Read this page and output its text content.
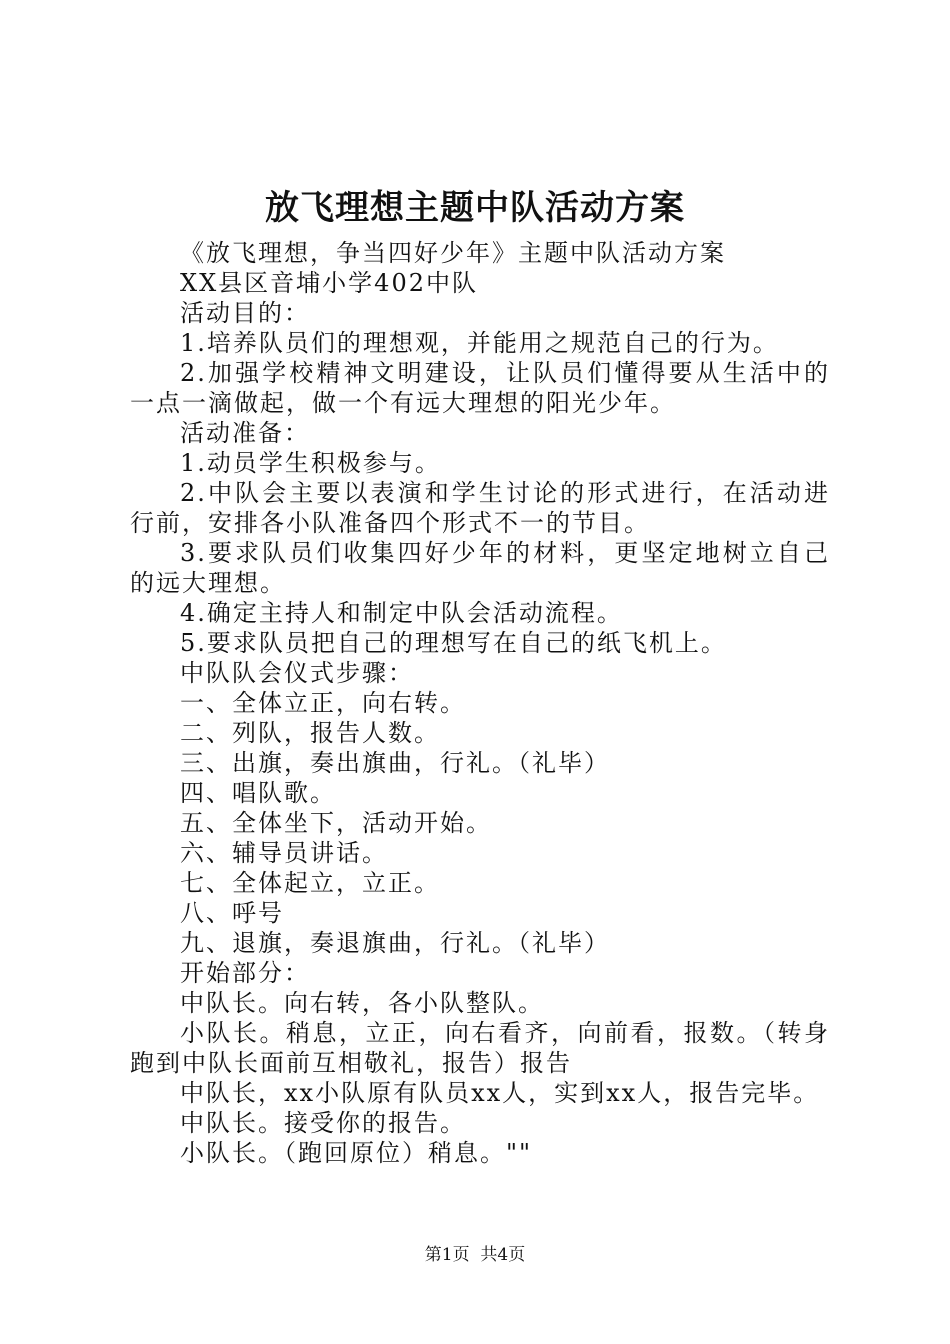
放飞理想主题中队活动方案

《放飞理想，争当四好少年》主题中队活动方案

XX县区音埔小学402中队

活动目的：

1.培养队员们的理想观，并能用之规范自己的行为。

2.加强学校精神文明建设，让队员们懂得要从生活中的一点一滴做起，做一个有远大理想的阳光少年。

活动准备：

1.动员学生积极参与。

2.中队会主要以表演和学生讨论的形式进行，在活动进行前，安排各小队准备四个形式不一的节目。

3.要求队员们收集四好少年的材料，更坚定地树立自己的远大理想。

4.确定主持人和制定中队会活动流程。

5.要求队员把自己的理想写在自己的纸飞机上。

中队队会仪式步骤：

一、全体立正，向右转。

二、列队，报告人数。

三、出旗，奏出旗曲，行礼。（礼毕）

四、唱队歌。

五、全体坐下，活动开始。

六、辅导员讲话。

七、全体起立，立正。

八、呼号

九、退旗，奏退旗曲，行礼。（礼毕）

开始部分：

中队长。向右转，各小队整队。

小队长。稍息，立正，向右看齐，向前看，报数。（转身跑到中队长面前互相敬礼，报告）报告

中队长，xx小队原有队员xx人，实到xx人，报告完毕。

中队长。接受你的报告。

小队长。（跑回原位）稍息。""

第1页  共4页
